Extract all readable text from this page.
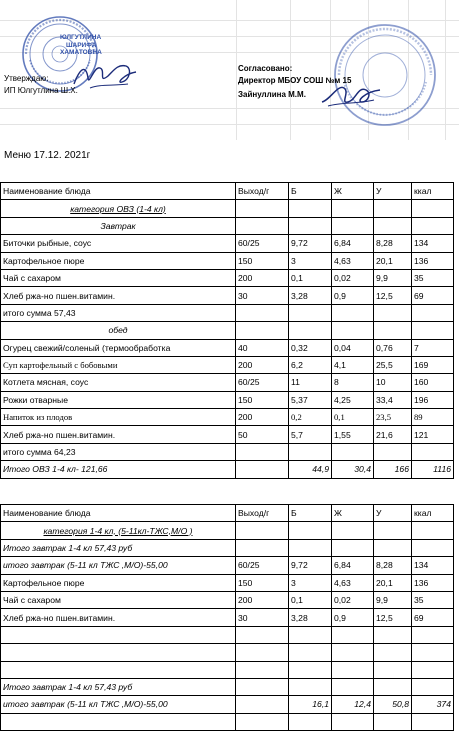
ЮЛГУТЛИНА
ШАРИФА
ХАМАТОВНА
Утверждаю:
ИП Юлгутлина Ш.Х.
Согласовано:
Директор МБОУ СОШ №м 15
Зайнуллина М.М.
Меню 17.12. 2021г
Наименование блюда	Выход/г	Б	Ж	У	ккал
категория ОВЗ (1-4 кл)					
Завтрак					
Биточки рыбные, соус	60/25	9,72	6,84	8,28	134
Картофельное пюре	150	3	4,63	20,1	136
Чай с сахаром	200	0,1	0,02	9,9	35
Хлеб ржа-но пшен.витамин.	30	3,28	0,9	12,5	69
итого сумма 57,43					
обед					
Огурец свежий/соленый (термообработка	40	0,32	0,04	0,76	7
Суп картофельный с бобовыми	200	6,2	4,1	25,5	169
Котлета мясная, соус	60/25	11	8	10	160
Рожки отварные	150	5,37	4,25	33,4	196
Напиток из плодов	200	0,2	0,1	23,5	89
Хлеб ржа-но пшен.витамин.	50	5,7	1,55	21,6	121
итого сумма 64,23					
Итого ОВЗ 1-4 кл- 121,66		44,9	30,4	166	1116
Наименование блюда	Выход/г	Б	Ж	У	ккал
категория 1-4 кл, (5-11кл-ТЖС,М/О )					
Итого завтрак 1-4 кл 57,43 руб					
итого завтрак (5-11 кл ТЖС ,М/О)-55,00	60/25	9,72	6,84	8,28	134
Картофельное пюре	150	3	4,63	20,1	136
Чай с сахаром	200	0,1	0,02	9,9	35
Хлеб ржа-но пшен.витамин.	30	3,28	0,9	12,5	69

Итого завтрак 1-4 кл 57,43 руб					
итого завтрак (5-11 кл ТЖС ,М/О)-55,00		16,1	12,4	50,8	374
